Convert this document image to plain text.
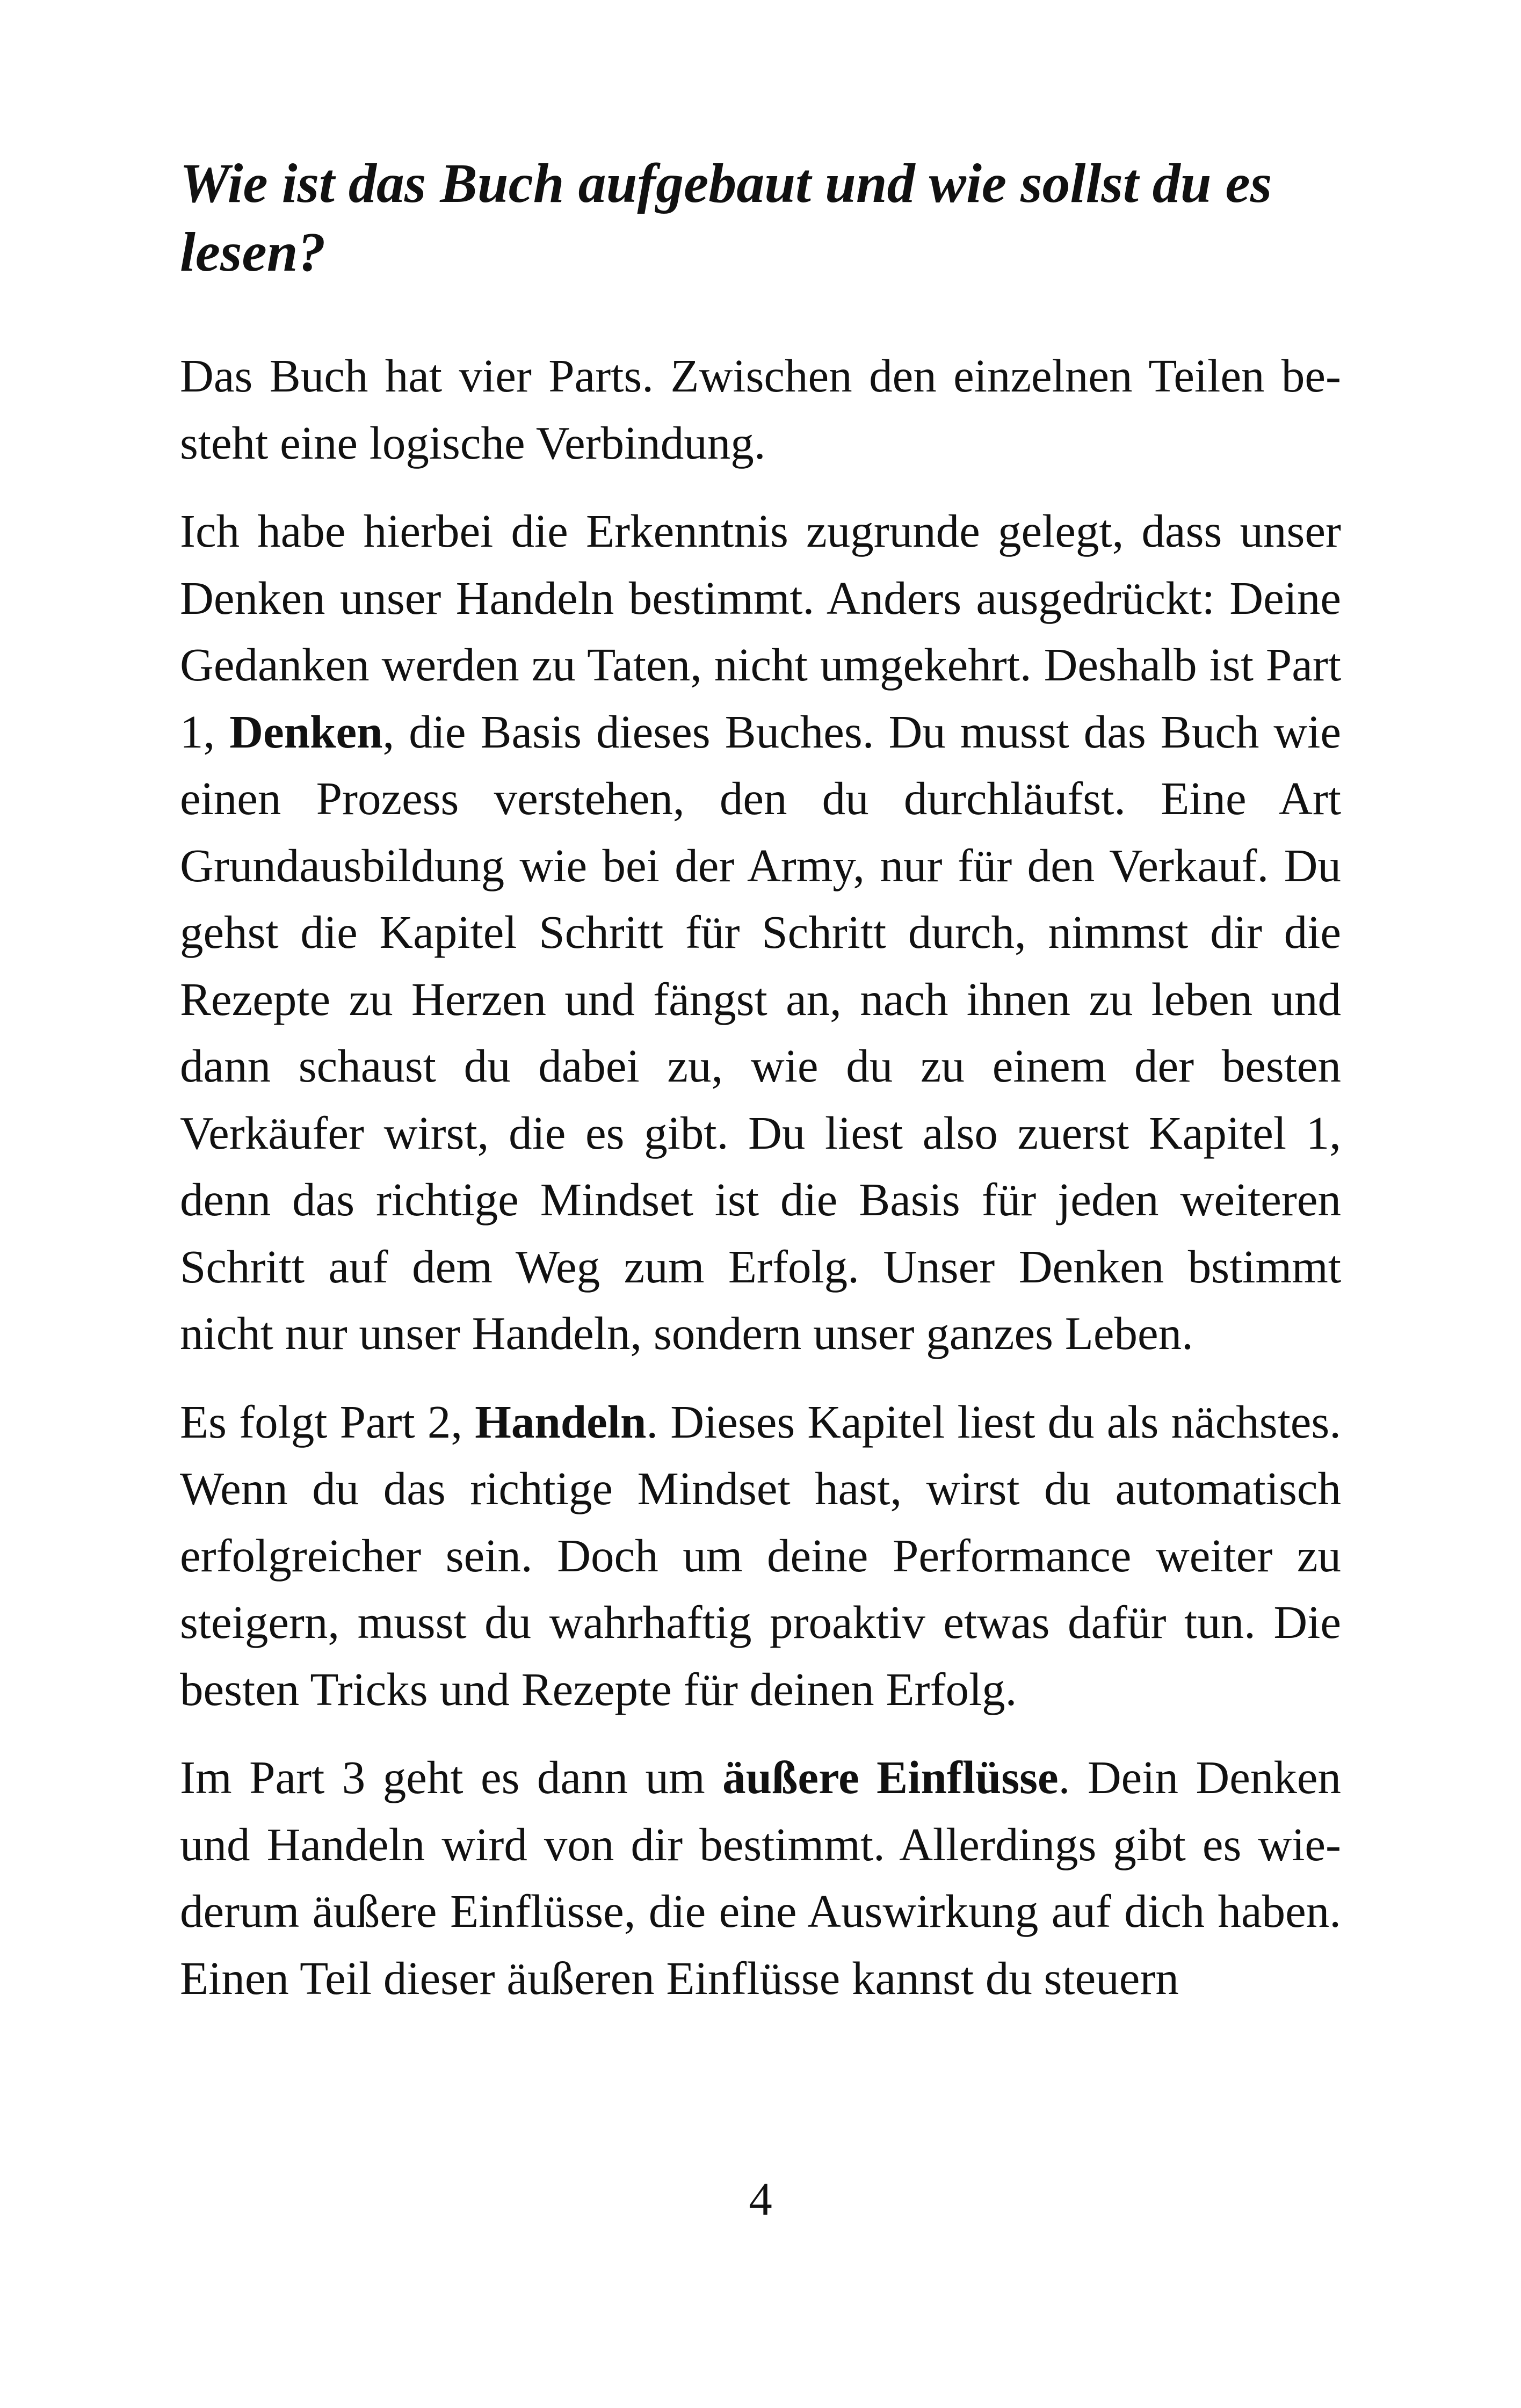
Wie ist das Buch aufgebaut und wie sollst du es lesen?

Das Buch hat vier Parts. Zwischen den einzelnen Teilen besteht eine logische Verbindung.

Ich habe hierbei die Erkenntnis zugrunde gelegt, dass unser Denken unser Handeln bestimmt. Anders ausgedrückt: Deine Gedanken werden zu Taten, nicht umgekehrt. Deshalb ist Part 1, Denken, die Basis dieses Buches. Du musst das Buch wie einen Prozess verstehen, den du durchläufst. Eine Art Grundausbildung wie bei der Army, nur für den Verkauf. Du gehst die Kapitel Schritt für Schritt durch, nimmst dir die Rezepte zu Herzen und fängst an, nach ihnen zu leben und dann schaust du dabei zu, wie du zu einem der besten Verkäufer wirst, die es gibt. Du liest also zuerst Kapitel 1, denn das richtige Mindset ist die Basis für jeden weiteren Schritt auf dem Weg zum Erfolg. Unser Denken bstimmt nicht nur unser Handeln, sondern unser ganzes Leben.

Es folgt Part 2, Handeln. Dieses Kapitel liest du als nächstes. Wenn du das richtige Mindset hast, wirst du automatisch erfolgreicher sein. Doch um deine Performance weiter zu steigern, musst du wahrhaftig proaktiv etwas dafür tun. Die besten Tricks und Rezepte für deinen Erfolg.

Im Part 3 geht es dann um äußere Einflüsse. Dein Denken und Handeln wird von dir bestimmt. Allerdings gibt es wiederum äußere Einflüsse, die eine Auswirkung auf dich haben. Einen Teil dieser äußeren Einflüsse kannst du steuern

4
